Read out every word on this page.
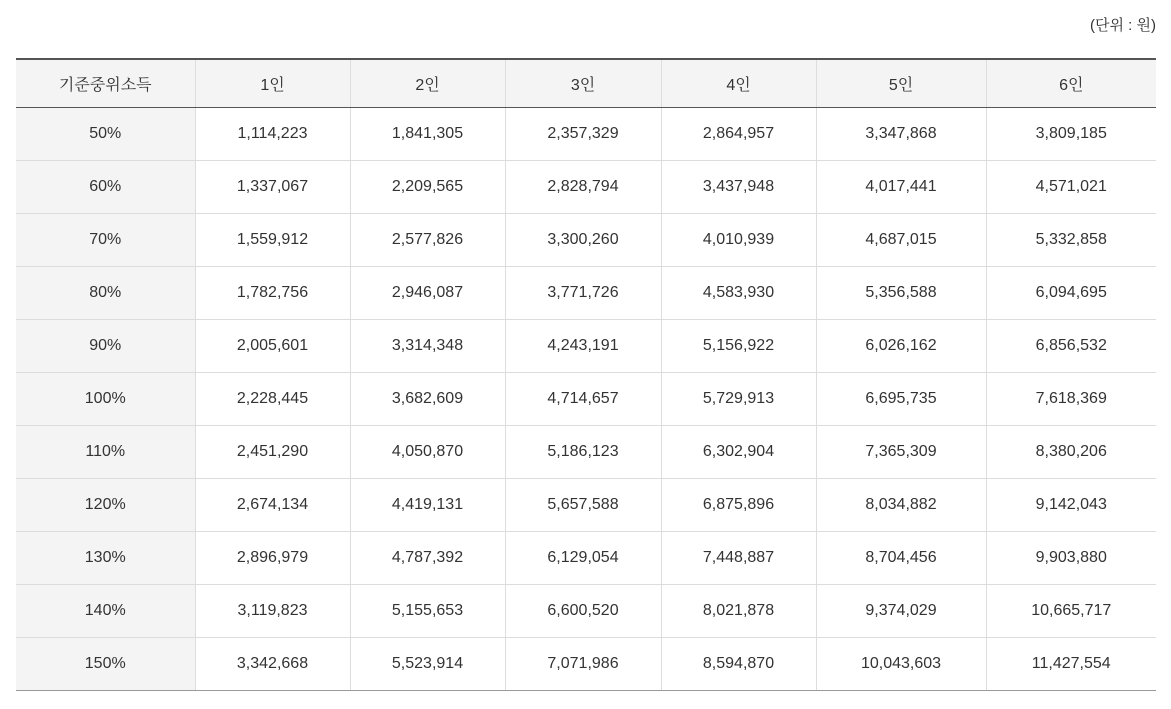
(단위 : 원)
기준중위소득	1인	2인	3인	4인	5인	6인
50%	1,114,223	1,841,305	2,357,329	2,864,957	3,347,868	3,809,185
60%	1,337,067	2,209,565	2,828,794	3,437,948	4,017,441	4,571,021
70%	1,559,912	2,577,826	3,300,260	4,010,939	4,687,015	5,332,858
80%	1,782,756	2,946,087	3,771,726	4,583,930	5,356,588	6,094,695
90%	2,005,601	3,314,348	4,243,191	5,156,922	6,026,162	6,856,532
100%	2,228,445	3,682,609	4,714,657	5,729,913	6,695,735	7,618,369
110%	2,451,290	4,050,870	5,186,123	6,302,904	7,365,309	8,380,206
120%	2,674,134	4,419,131	5,657,588	6,875,896	8,034,882	9,142,043
130%	2,896,979	4,787,392	6,129,054	7,448,887	8,704,456	9,903,880
140%	3,119,823	5,155,653	6,600,520	8,021,878	9,374,029	10,665,717
150%	3,342,668	5,523,914	7,071,986	8,594,870	10,043,603	11,427,554
